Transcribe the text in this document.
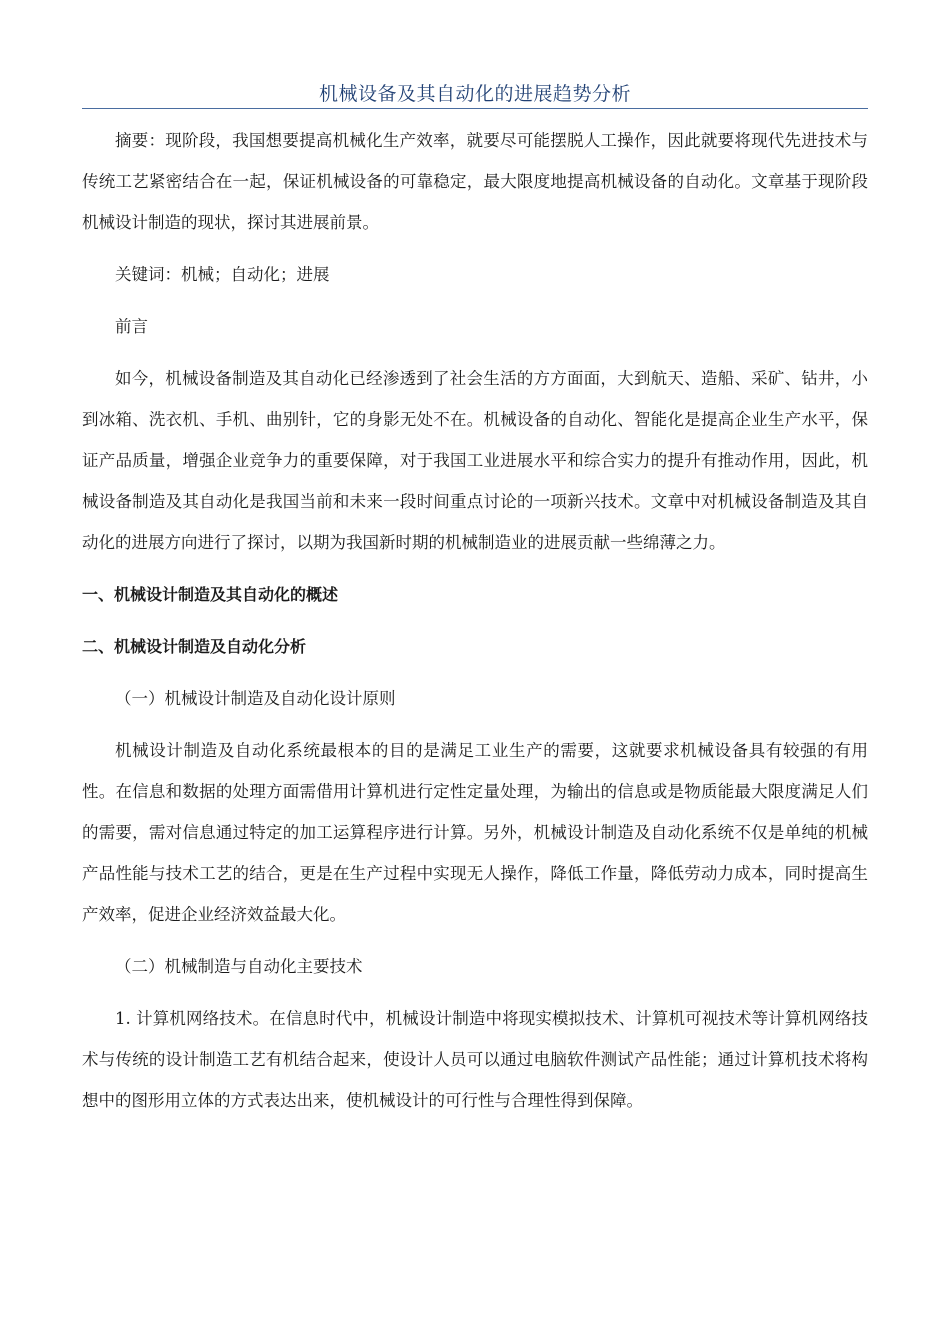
机械设备及其自动化的进展趋势分析

摘要：现阶段，我国想要提高机械化生产效率，就要尽可能摆脱人工操作，因此就要将现代先进技术与传统工艺紧密结合在一起，保证机械设备的可靠稳定，最大限度地提高机械设备的自动化。文章基于现阶段机械设计制造的现状，探讨其进展前景。

关键词：机械；自动化；进展

前言

如今，机械设备制造及其自动化已经渗透到了社会生活的方方面面，大到航天、造船、采矿、钻井，小到冰箱、洗衣机、手机、曲别针，它的身影无处不在。机械设备的自动化、智能化是提高企业生产水平，保证产品质量，增强企业竞争力的重要保障，对于我国工业进展水平和综合实力的提升有推动作用，因此，机械设备制造及其自动化是我国当前和未来一段时间重点讨论的一项新兴技术。文章中对机械设备制造及其自动化的进展方向进行了探讨，以期为我国新时期的机械制造业的进展贡献一些绵薄之力。

一、机械设计制造及其自动化的概述
二、机械设计制造及自动化分析
（一）机械设计制造及自动化设计原则

机械设计制造及自动化系统最根本的目的是满足工业生产的需要，这就要求机械设备具有较强的有用性。在信息和数据的处理方面需借用计算机进行定性定量处理，为输出的信息或是物质能最大限度满足人们的需要，需对信息通过特定的加工运算程序进行计算。另外，机械设计制造及自动化系统不仅是单纯的机械产品性能与技术工艺的结合，更是在生产过程中实现无人操作，降低工作量，降低劳动力成本，同时提高生产效率，促进企业经济效益最大化。

（二）机械制造与自动化主要技术

1. 计算机网络技术。在信息时代中，机械设计制造中将现实模拟技术、计算机可视技术等计算机网络技术与传统的设计制造工艺有机结合起来，使设计人员可以通过电脑软件测试产品性能；通过计算机技术将构想中的图形用立体的方式表达出来，使机械设计的可行性与合理性得到保障。
